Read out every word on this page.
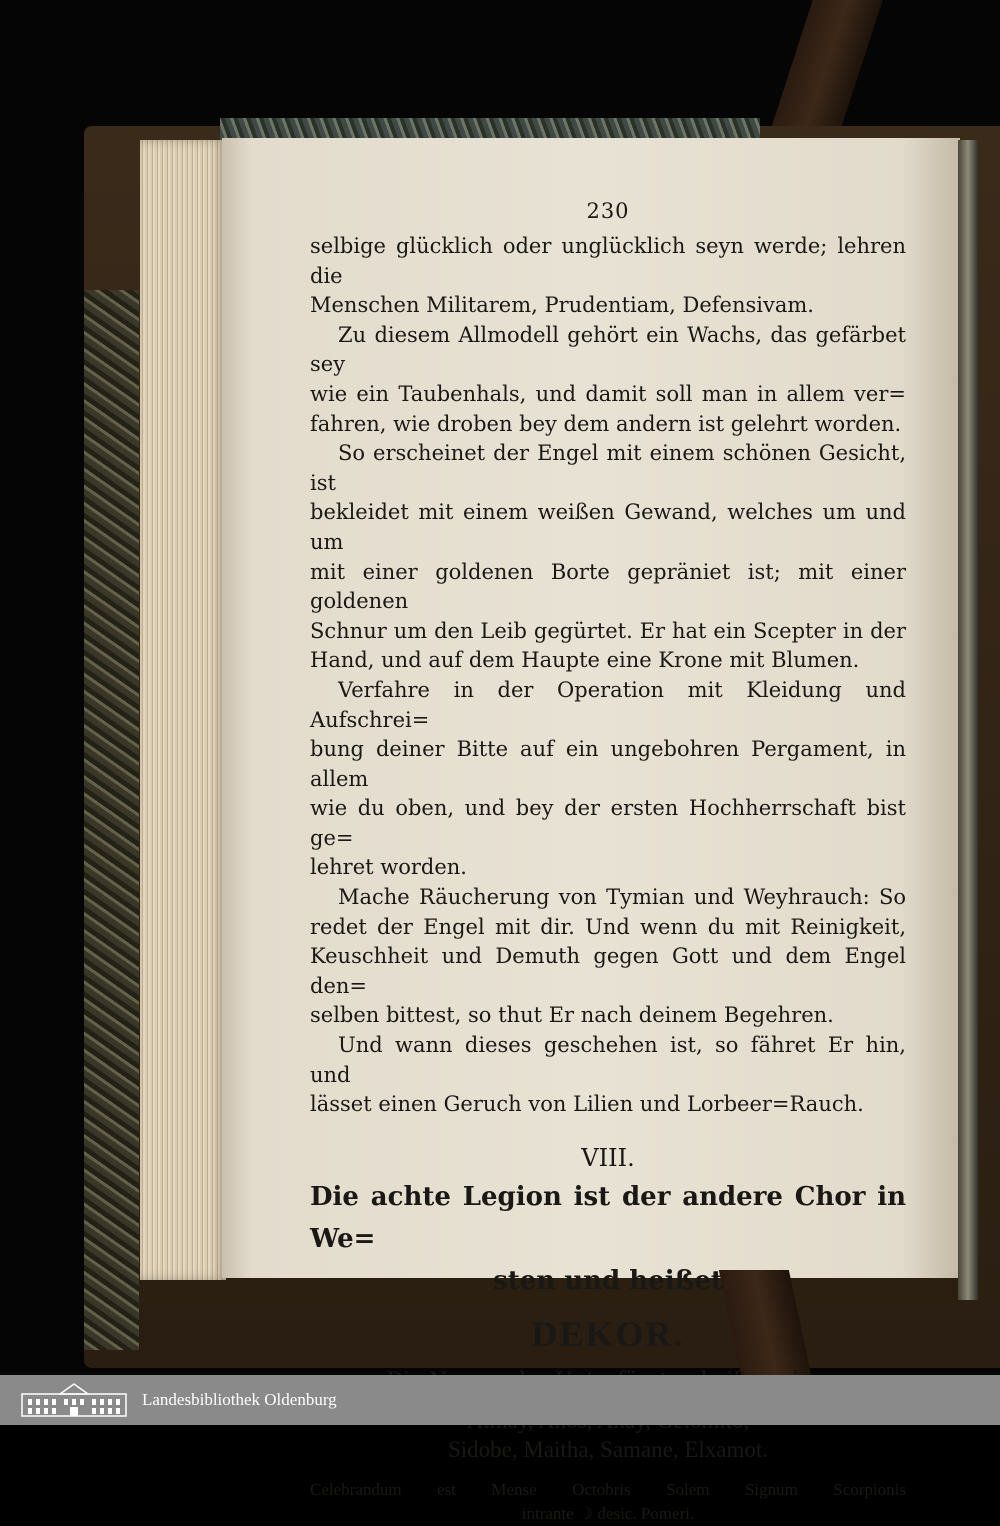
230

selbige glücklich oder unglücklich seyn werde; lehren die

Menschen Militarem, Prudentiam, Defensivam.

Zu diesem Allmodell gehört ein Wachs, das gefärbet sey

wie ein Taubenhals, und damit soll man in allem ver=

fahren, wie droben bey dem andern ist gelehrt worden.

So erscheinet der Engel mit einem schönen Gesicht, ist

bekleidet mit einem weißen Gewand, welches um und um

mit einer goldenen Borte gepräniet ist; mit einer goldenen

Schnur um den Leib gegürtet. Er hat ein Scepter in der

Hand, und auf dem Haupte eine Krone mit Blumen.

Verfahre in der Operation mit Kleidung und Aufschrei=

bung deiner Bitte auf ein ungebohren Pergament, in allem

wie du oben, und bey der ersten Hochherrschaft bist ge=

lehret worden.

Mache Räucherung von Tymian und Weyhrauch: So

redet der Engel mit dir. Und wenn du mit Reinigkeit,

Keuschheit und Demuth gegen Gott und dem Engel den=

selben bittest, so thut Er nach deinem Begehren.

Und wann dieses geschehen ist, so fähret Er hin, und

lässet einen Geruch von Lilien und Lorbeer=Rauch.

VIII.
Die achte Legion ist der andere Chor in We=
sten und heißet
DEKOR.
Sidobe, Maitha, Samane, Elxamot.
Celebrandum est Mense Octobris Solem Signum Scorpionis
intrante ☽ desic. Pomeri.
Landesbibliothek Oldenburg
